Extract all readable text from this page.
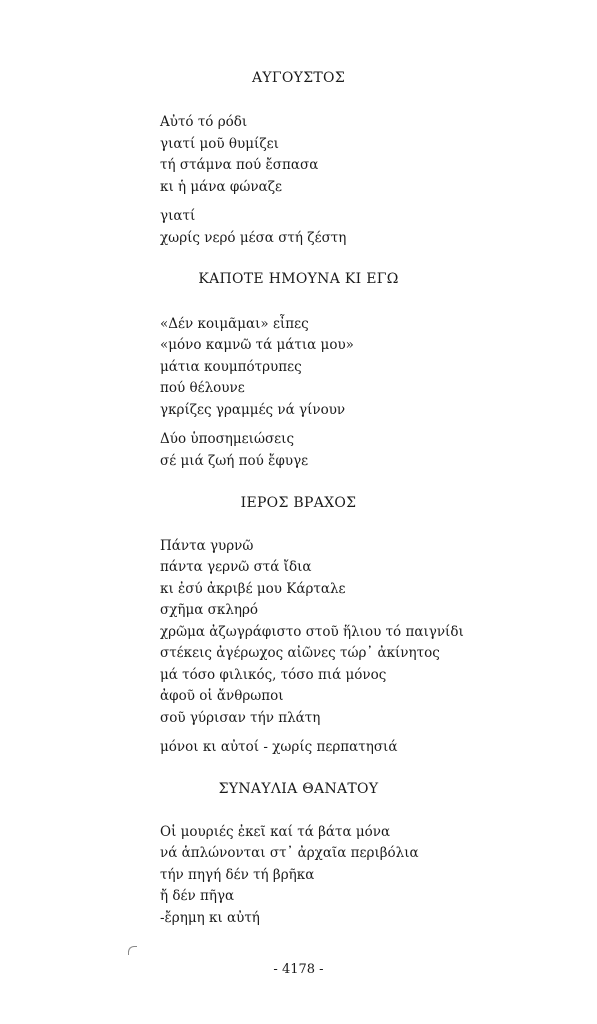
ΑΥΓΟΥΣΤΟΣ
Αὐτό τό ρόδι
γιατί μοῦ θυμίζει
τή στάμνα πού ἔσπασα
κι ἡ μάνα φώναζε
γιατί
χωρίς νερό μέσα στή ζέστη
ΚΑΠΟΤΕ ΗΜΟΥΝΑ ΚΙ ΕΓΩ
«Δέν κοιμᾶμαι» εἶπες
«μόνο καμνῶ τά μάτια μου»
μάτια κουμπότρυπες
πού θέλουνε
γκρίζες γραμμές νά γίνουν
Δύο ὑποσημειώσεις
σέ μιά ζωή πού ἔφυγε
ΙΕΡΟΣ ΒΡΑΧΟΣ
Πάντα γυρνῶ
πάντα γερνῶ στά ἴδια
κι ἐσύ ἀκριβέ μου Κάρταλε
σχῆμα σκληρό
χρῶμα ἀζωγράφιστο στοῦ ἥλιου τό παιγνίδι
στέκεις ἀγέρωχος αἰῶνες τώρ᾽ ἀκίνητος
μά τόσο φιλικός, τόσο πιά μόνος
ἀφοῦ οἱ ἄνθρωποι
σοῦ γύρισαν τήν πλάτη
μόνοι κι αὐτοί - χωρίς περπατησιά
ΣΥΝΑΥΛΙΑ ΘΑΝΑΤΟΥ
Οἱ μουριές ἐκεῖ καί τά βάτα μόνα
νά ἁπλώνονται στ᾽ ἀρχαῖα περιβόλια
τήν πηγή δέν τή βρῆκα
ἤ δέν πῆγα
-ἔρημη κι αὐτή
- 4178 -
